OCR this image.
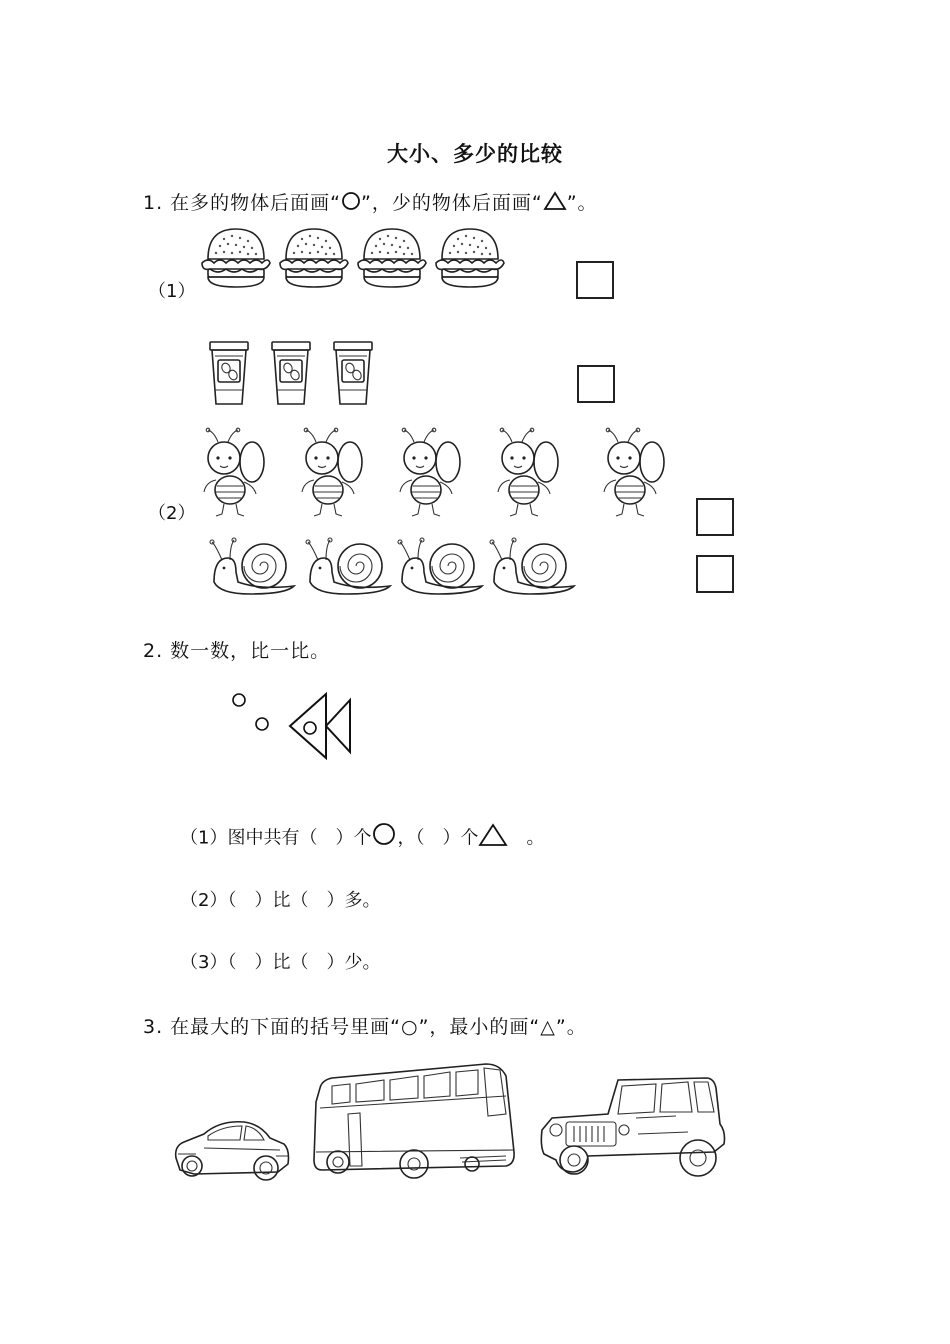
大小、多少的比较
1. 在多的物体后面画“ ”，少的物体后面画“ ”。
（1）
（2）
2. 数一数，比一比。
（1）图中共有（　）个 ，（　）个	。
（2）（　）比（　）多。
（3）（　）比（　）少。
3. 在最大的下面的括号里画“○”，最小的画“△”。
